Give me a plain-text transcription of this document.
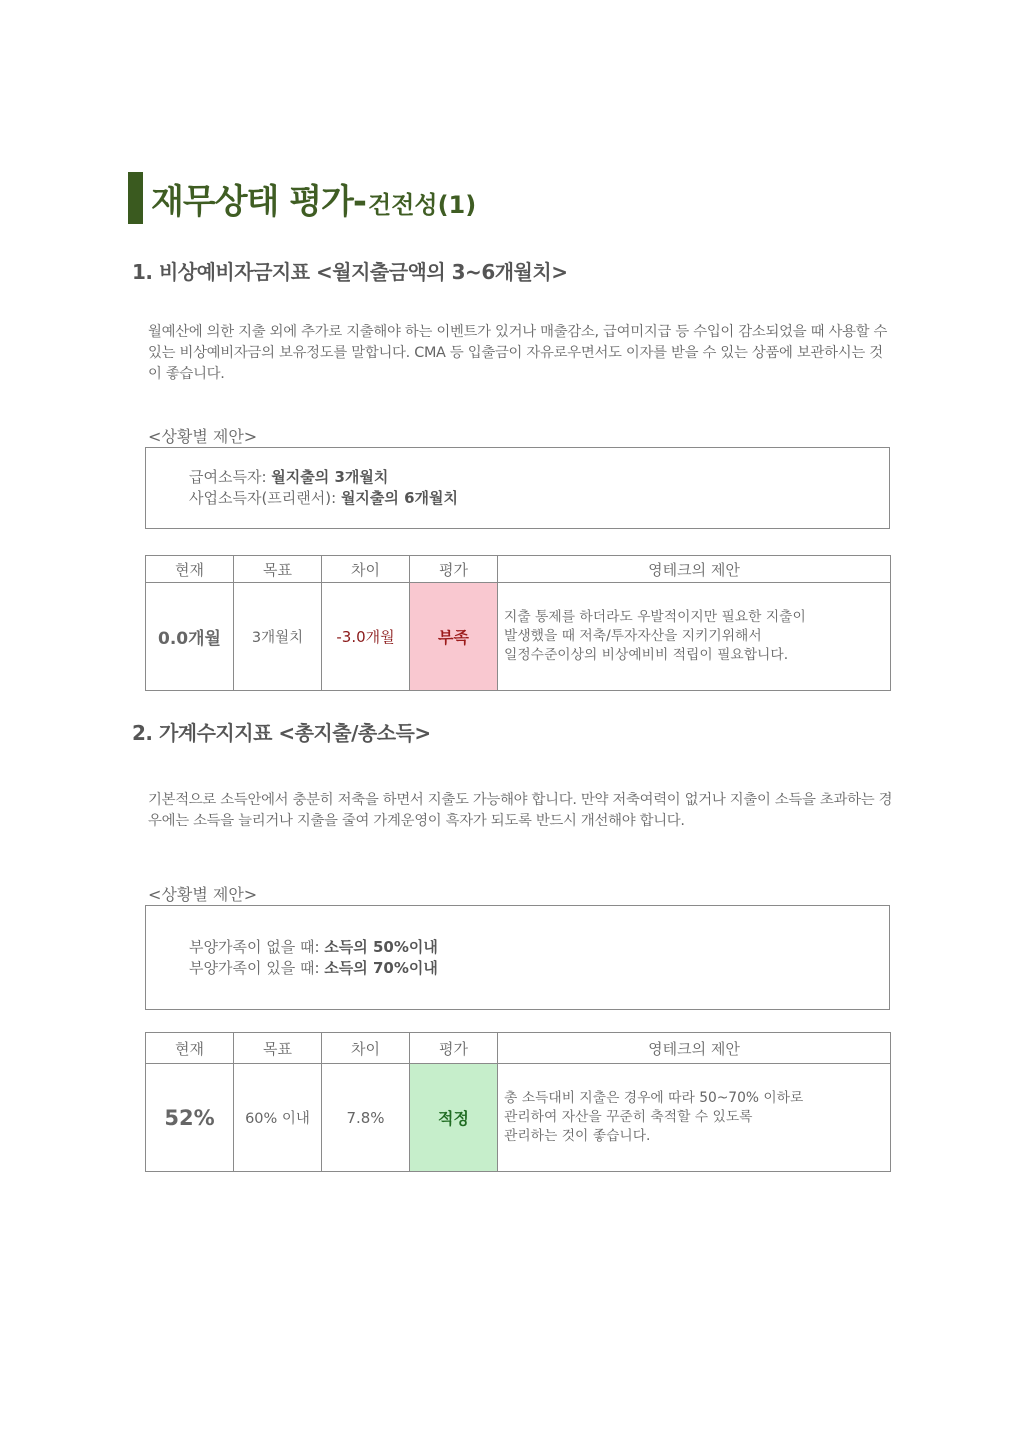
재무상태 평가- 건전성(1)
1. 비상예비자금지표 <월지출금액의 3~6개월치>
월예산에 의한 지출 외에 추가로 지출해야 하는 이벤트가 있거나 매출감소, 급여미지급 등 수입이 감소되었을 때 사용할 수 있는 비상예비자금의 보유정도를 말합니다. CMA 등 입출금이 자유로우면서도 이자를 받을 수 있는 상품에 보관하시는 것이 좋습니다.
<상황별 제안>
급여소득자: 월지출의 3개월치
사업소득자(프리랜서): 월지출의 6개월치
현재	목표	차이	평가	영테크의 제안
0.0개월	3개월치	-3.0개월	부족	지출 통제를 하더라도 우발적이지만 필요한 지출이
발생했을 때 저축/투자자산을 지키기위해서
일정수준이상의 비상예비비 적립이 필요합니다.
2. 가계수지지표 <총지출/총소득>
기본적으로 소득안에서 충분히 저축을 하면서 지출도 가능해야 합니다. 만약 저축여력이 없거나 지출이 소득을 초과하는 경우에는 소득을 늘리거나 지출을 줄여 가계운영이 흑자가 되도록 반드시 개선해야 합니다.
<상황별 제안>
부양가족이 없을 때: 소득의 50%이내
부양가족이 있을 때: 소득의 70%이내
현재	목표	차이	평가	영테크의 제안
52%	60% 이내	7.8%	적정	총 소득대비 지출은 경우에 따라 50~70% 이하로
관리하여 자산을 꾸준히 축적할 수 있도록
관리하는 것이 좋습니다.
